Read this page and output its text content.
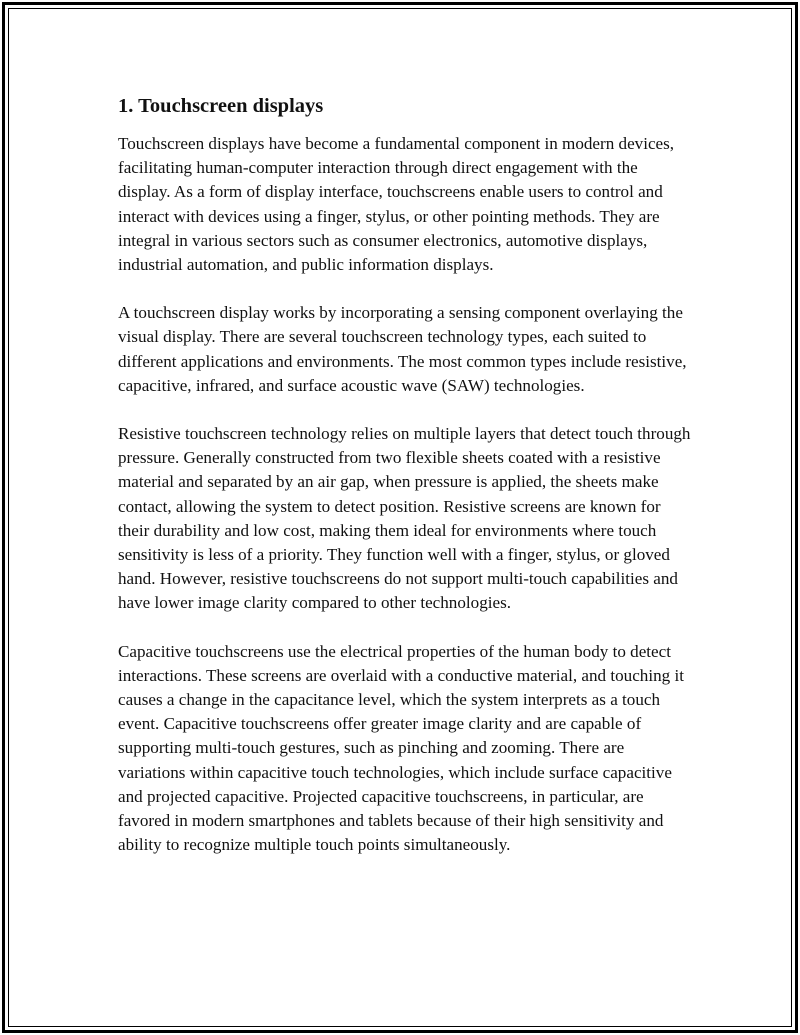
1. Touchscreen displays

Touchscreen displays have become a fundamental component in modern devices, facilitating human-computer interaction through direct engagement with the display. As a form of display interface, touchscreens enable users to control and interact with devices using a finger, stylus, or other pointing methods. They are integral in various sectors such as consumer electronics, automotive displays, industrial automation, and public information displays.

A touchscreen display works by incorporating a sensing component overlaying the visual display. There are several touchscreen technology types, each suited to different applications and environments. The most common types include resistive, capacitive, infrared, and surface acoustic wave (SAW) technologies.

Resistive touchscreen technology relies on multiple layers that detect touch through pressure. Generally constructed from two flexible sheets coated with a resistive material and separated by an air gap, when pressure is applied, the sheets make contact, allowing the system to detect position. Resistive screens are known for their durability and low cost, making them ideal for environments where touch sensitivity is less of a priority. They function well with a finger, stylus, or gloved hand. However, resistive touchscreens do not support multi-touch capabilities and have lower image clarity compared to other technologies.

Capacitive touchscreens use the electrical properties of the human body to detect interactions. These screens are overlaid with a conductive material, and touching it causes a change in the capacitance level, which the system interprets as a touch event. Capacitive touchscreens offer greater image clarity and are capable of supporting multi-touch gestures, such as pinching and zooming. There are variations within capacitive touch technologies, which include surface capacitive and projected capacitive. Projected capacitive touchscreens, in particular, are favored in modern smartphones and tablets because of their high sensitivity and ability to recognize multiple touch points simultaneously.
